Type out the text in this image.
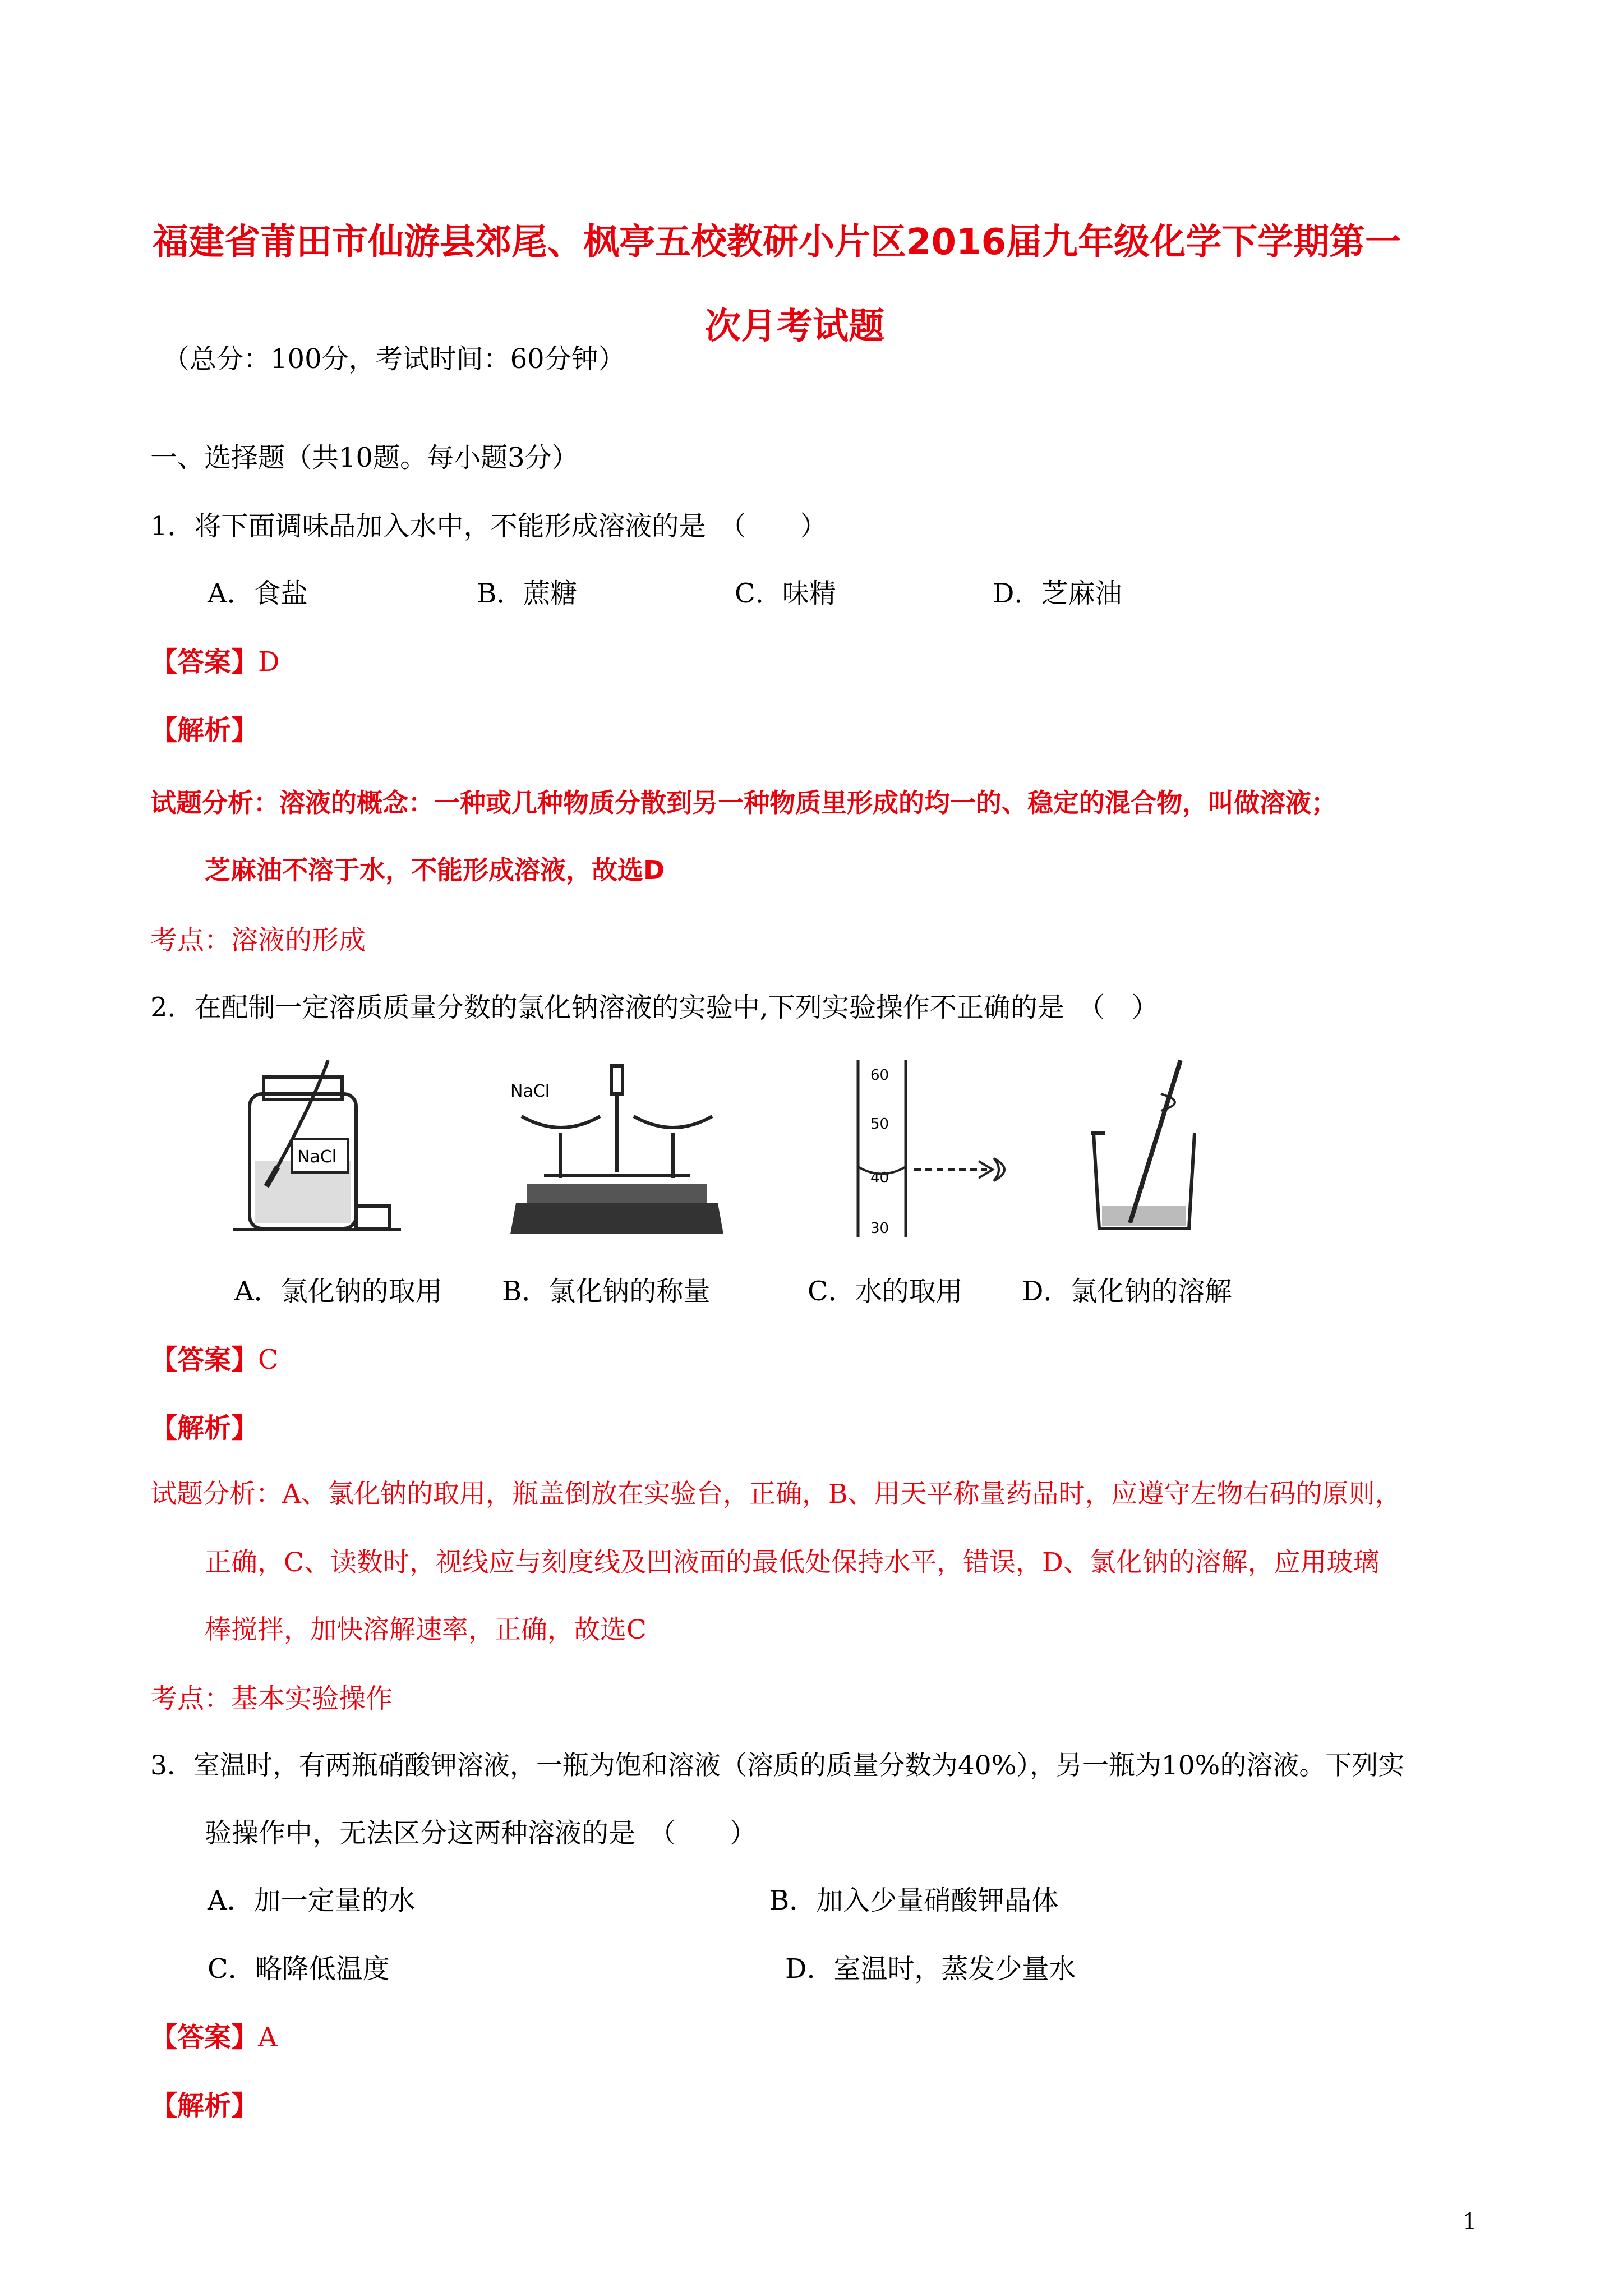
福建省莆田市仙游县郊尾、枫亭五校教研小片区2016届九年级化学下学期第一
次月考试题
（总分：100分，考试时间：60分钟）
一、选择题（共10题。每小题3分）
1．将下面调味品加入水中，不能形成溶液的是　（　　）
A．食盐	B．蔗糖	C．味精	D．芝麻油
【答案】D
【解析】
试题分析：溶液的概念：一种或几种物质分散到另一种物质里形成的均一的、稳定的混合物，叫做溶液；
芝麻油不溶于水，不能形成溶液，故选D
考点：溶液的形成
2．在配制一定溶质质量分数的氯化钠溶液的实验中,下列实验操作不正确的是　（　）
NaCl
NaCl
60
50
40
30
A．氯化钠的取用 B．氯化钠的称量	C．水的取用 D．氯化钠的溶解
【答案】C
【解析】
试题分析：A、氯化钠的取用，瓶盖倒放在实验台，正确，B、用天平称量药品时，应遵守左物右码的原则，
正确，C、读数时，视线应与刻度线及凹液面的最低处保持水平，错误，D、氯化钠的溶解，应用玻璃
棒搅拌，加快溶解速率，正确，故选C
考点：基本实验操作
3．室温时，有两瓶硝酸钾溶液，一瓶为饱和溶液（溶质的质量分数为40%），另一瓶为10%的溶液。下列实
验操作中，无法区分这两种溶液的是　（　　）
A．加一定量的水	B．加入少量硝酸钾晶体
C．略降低温度	D．室温时，蒸发少量水
【答案】A
【解析】
1
